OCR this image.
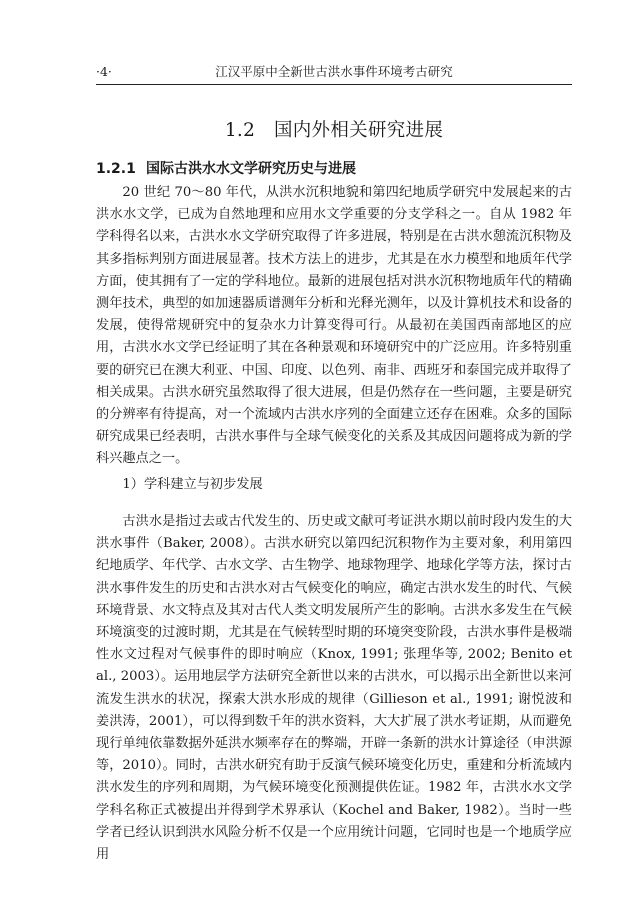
·4·	江汉平原中全新世古洪水事件环境考古研究
1.2　国内外相关研究进展
1.2.1 国际古洪水水文学研究历史与进展

20 世纪 70～80 年代，从洪水沉积地貌和第四纪地质学研究中发展起来的古洪水水文学，已成为自然地理和应用水文学重要的分支学科之一。自从 1982 年学科得名以来，古洪水水文学研究取得了许多进展，特别是在古洪水憩流沉积物及其多指标判别方面进展显著。技术方法上的进步，尤其是在水力模型和地质年代学方面，使其拥有了一定的学科地位。最新的进展包括对洪水沉积物地质年代的精确测年技术，典型的如加速器质谱测年分析和光释光测年，以及计算机技术和设备的发展，使得常规研究中的复杂水力计算变得可行。从最初在美国西南部地区的应用，古洪水水文学已经证明了其在各种景观和环境研究中的广泛应用。许多特别重要的研究已在澳大利亚、中国、印度、以色列、南非、西班牙和泰国完成并取得了相关成果。古洪水研究虽然取得了很大进展，但是仍然存在一些问题，主要是研究的分辨率有待提高，对一个流域内古洪水序列的全面建立还存在困难。众多的国际研究成果已经表明，古洪水事件与全球气候变化的关系及其成因问题将成为新的学科兴趣点之一。

1）学科建立与初步发展

古洪水是指过去或古代发生的、历史或文献可考证洪水期以前时段内发生的大洪水事件（Baker, 2008）。古洪水研究以第四纪沉积物作为主要对象，利用第四纪地质学、年代学、古水文学、古生物学、地球物理学、地球化学等方法，探讨古洪水事件发生的历史和古洪水对古气候变化的响应，确定古洪水发生的时代、气候环境背景、水文特点及其对古代人类文明发展所产生的影响。古洪水多发生在气候环境演变的过渡时期，尤其是在气候转型时期的环境突变阶段，古洪水事件是极端性水文过程对气候事件的即时响应（Knox, 1991; 张理华等, 2002; Benito et al., 2003）。运用地层学方法研究全新世以来的古洪水，可以揭示出全新世以来河流发生洪水的状况，探索大洪水形成的规律（Gillieson et al., 1991; 谢悦波和姜洪涛，2001），可以得到数千年的洪水资料，大大扩展了洪水考证期，从而避免现行单纯依靠数据外延洪水频率存在的弊端，开辟一条新的洪水计算途径（申洪源等，2010）。同时，古洪水研究有助于反演气候环境变化历史，重建和分析流域内洪水发生的序列和周期，为气候环境变化预测提供佐证。1982 年，古洪水水文学学科名称正式被提出并得到学术界承认（Kochel and Baker, 1982）。当时一些学者已经认识到洪水风险分析不仅是一个应用统计问题，它同时也是一个地质学应用
